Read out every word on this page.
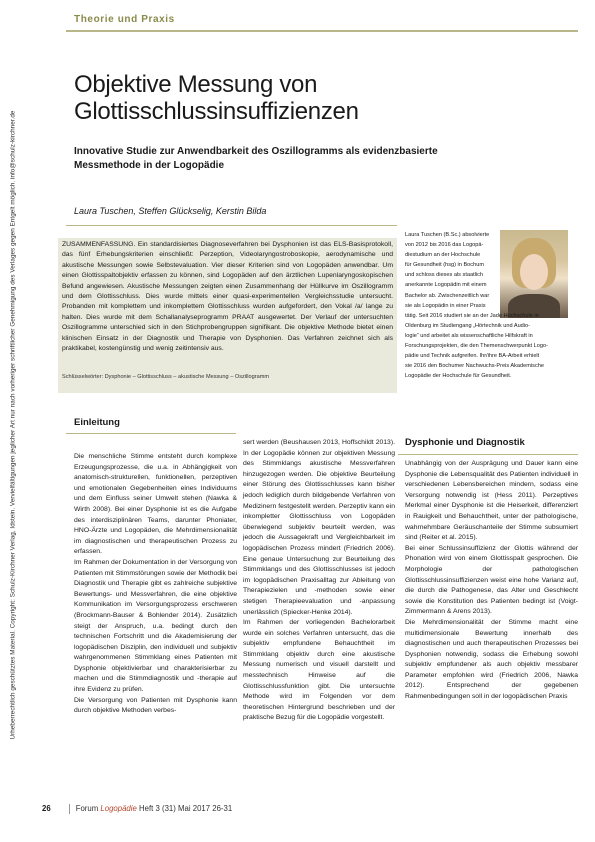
Theorie und Praxis
Urheberrechtlich geschütztes Material. Copyright: Schulz-Kirchner Verlag, Idstein. Vervielfältigungen jeglicher Art nur nach vorheriger schriftlicher Genehmigung des Verlages gegen Entgelt möglich. info@schulz-kirchner.de
Objektive Messung von Glottisschlussinsuffizienzen
Innovative Studie zur Anwendbarkeit des Oszillogramms als evidenzbasierte Messmethode in der Logopädie
Laura Tuschen, Steffen Glückselig, Kerstin Bilda
ZUSAMMENFASSUNG. Ein standardisiertes Diagnoseverfahren bei Dysphonien ist das ELS-Basisprotokoll, das fünf Erhebungskriterien einschließt: Perzeption, Videolaryngostroboskopie, aerodynamische und akustische Messungen sowie Selbstevaluation. Vier dieser Kriterien sind von Logopäden anwendbar. Um einen Glottisspaltobjektiv erfassen zu können, sind Logopäden auf den ärztlichen Lupenlaryngoskopischen Befund angewiesen. Akustische Messungen zeigten einen Zusammenhang der Hüllkurve im Oszillogramm und dem Glottisschluss. Dies wurde mittels einer quasi-experimentellen Vergleichsstudie untersucht. Probanden mit komplettem und inkomplettem Glottisschluss wurden aufgefordert, den Vokal /a/ lange zu halten. Dies wurde mit dem Schallanalyseprogramm PRAAT ausgewertet. Der Verlauf der untersuchten Oszillogramme unterschied sich in den Stichprobengruppen signifikant. Die objektive Methode bietet einen klinischen Einsatz in der Diagnostik und Therapie von Dysphonien. Das Verfahren zeichnet sich als praktikabel, kostengünstig und wenig zeitintensiv aus.
Schlüsselwörter: Dysphonie – Glottisschluss – akustische Messung – Oszillogramm
Laura Tuschen (B.Sc.) absolvierte
von 2012 bis 2016 das Logopä-
diestudium an der Hochschule
für Gesundheit (hsg) in Bochum
und schloss dieses als staatlich
anerkannte Logopädin mit einem
Bachelor ab. Zwischenzeitlich war
sie als Logopädin in einer Praxis
tätig. Seit 2016 studiert sie an der Jade Hochschule in
Oldenburg im Studiengang „Hörtechnik und Audio-
logie“ und arbeitet als wissenschaftliche Hilfskraft in
Forschungsprojekten, die den Themenschwerpunkt Logo-
pädie und Technik aufgreifen. Ihr/ihre BA-Arbeit erhielt
sie 2016 den Bochumer Nachwuchs-Preis Akademische
Logopädie der Hochschule für Gesundheit.
Einleitung

Die menschliche Stimme entsteht durch komplexe Erzeugungsprozesse, die u.a. in Abhängigkeit von anatomisch-strukturellen, funktionellen, perzeptiven und emotionalen Gegebenheiten eines Individuums und dem Einfluss seiner Umwelt stehen (Nawka & Wirth 2008). Bei einer Dysphonie ist es die Aufgabe des interdisziplinären Teams, darunter Phoniater, HNO-Ärzte und Logopäden, die Mehrdimensionalität im diagnostischen und therapeutischen Prozess zu erfassen.

Im Rahmen der Dokumentation in der Versorgung von Patienten mit Stimmstörungen sowie der Methodik bei Diagnostik und Therapie gibt es zahlreiche subjektive Bewertungs- und Messverfahren, die eine objektive Kommunikation im Versorgungsprozess erschweren (Brockmann-Bauser & Bohlender 2014). Zusätzlich steigt der Anspruch, u.a. bedingt durch den technischen Fortschritt und die Akademisierung der logopädischen Disziplin, den individuell und subjektiv wahrgenommenen Stimmklang eines Patienten mit Dysphonie objektivierbar und charakterisierbar zu machen und die Stimmdiagnostik und -therapie auf ihre Evidenz zu prüfen.

Die Versorgung von Patienten mit Dysphonie kann durch objektive Methoden verbes-

sert werden (Beushausen 2013, Hoffschildt 2013). In der Logopädie können zur objektiven Messung des Stimmklangs akustische Messverfahren hinzugezogen werden. Die objektive Beurteilung einer Störung des Glottisschlusses kann bisher jedoch lediglich durch bildgebende Verfahren von Medizinern festgestellt werden. Perzeptiv kann ein inkompletter Glottisschluss von Logopäden überwiegend subjektiv beurteilt werden, was jedoch die Aussagekraft und Vergleichbarkeit im logopädischen Prozess mindert (Friedrich 2006). Eine genaue Untersuchung zur Beurteilung des Stimmklangs und des Glottisschlusses ist jedoch im logopädischen Praxisalltag zur Ableitung von Therapiezielen und -methoden sowie einer stetigen Therapieevaluation und -anpassung unerlässlich (Spiecker-Henke 2014).

Im Rahmen der vorliegenden Bachelorarbeit wurde ein solches Verfahren untersucht, das die subjektiv empfundene Behauchtheit im Stimmklang objektiv durch eine akustische Messung numerisch und visuell darstellt und messtechnisch Hinweise auf die Glottisschlussfunktion gibt. Die untersuchte Methode wird im Folgenden vor dem theoretischen Hintergrund beschrieben und der praktische Bezug für die Logopädie vorgestellt.

Dysphonie und Diagnostik

Unabhängig von der Ausprägung und Dauer kann eine Dysphonie die Lebensqualität des Patienten individuell in verschiedenen Lebensbereichen mindern, sodass eine Versorgung notwendig ist (Hess 2011). Perzeptives Merkmal einer Dysphonie ist die Heiserkeit, differenziert in Rauigkeit und Behauchtheit, unter der pathologische, wahrnehmbare Geräuschanteile der Stimme subsumiert sind (Reiter et al. 2015).

Bei einer Schlussinsuffizienz der Glottis während der Phonation wird von einem Glottisspalt gesprochen. Die Morphologie der pathologischen Glottisschlussinsuffizienzen weist eine hohe Varianz auf, die durch die Pathogenese, das Alter und Geschlecht sowie die Konstitution des Patienten bedingt ist (Voigt-Zimmermann & Arens 2013).

Die Mehrdimensionalität der Stimme macht eine multidimensionale Bewertung innerhalb des diagnostischen und auch therapeutischen Prozesses bei Dysphonien notwendig, sodass die Erhebung sowohl subjektiv empfundener als auch objektiv messbarer Parameter empfohlen wird (Friedrich 2006, Nawka 2012). Entsprechend der gegebenen Rahmenbedingungen soll in der logopädischen Praxis

26	Forum Logopädie Heft 3 (31) Mai 2017 26-31
